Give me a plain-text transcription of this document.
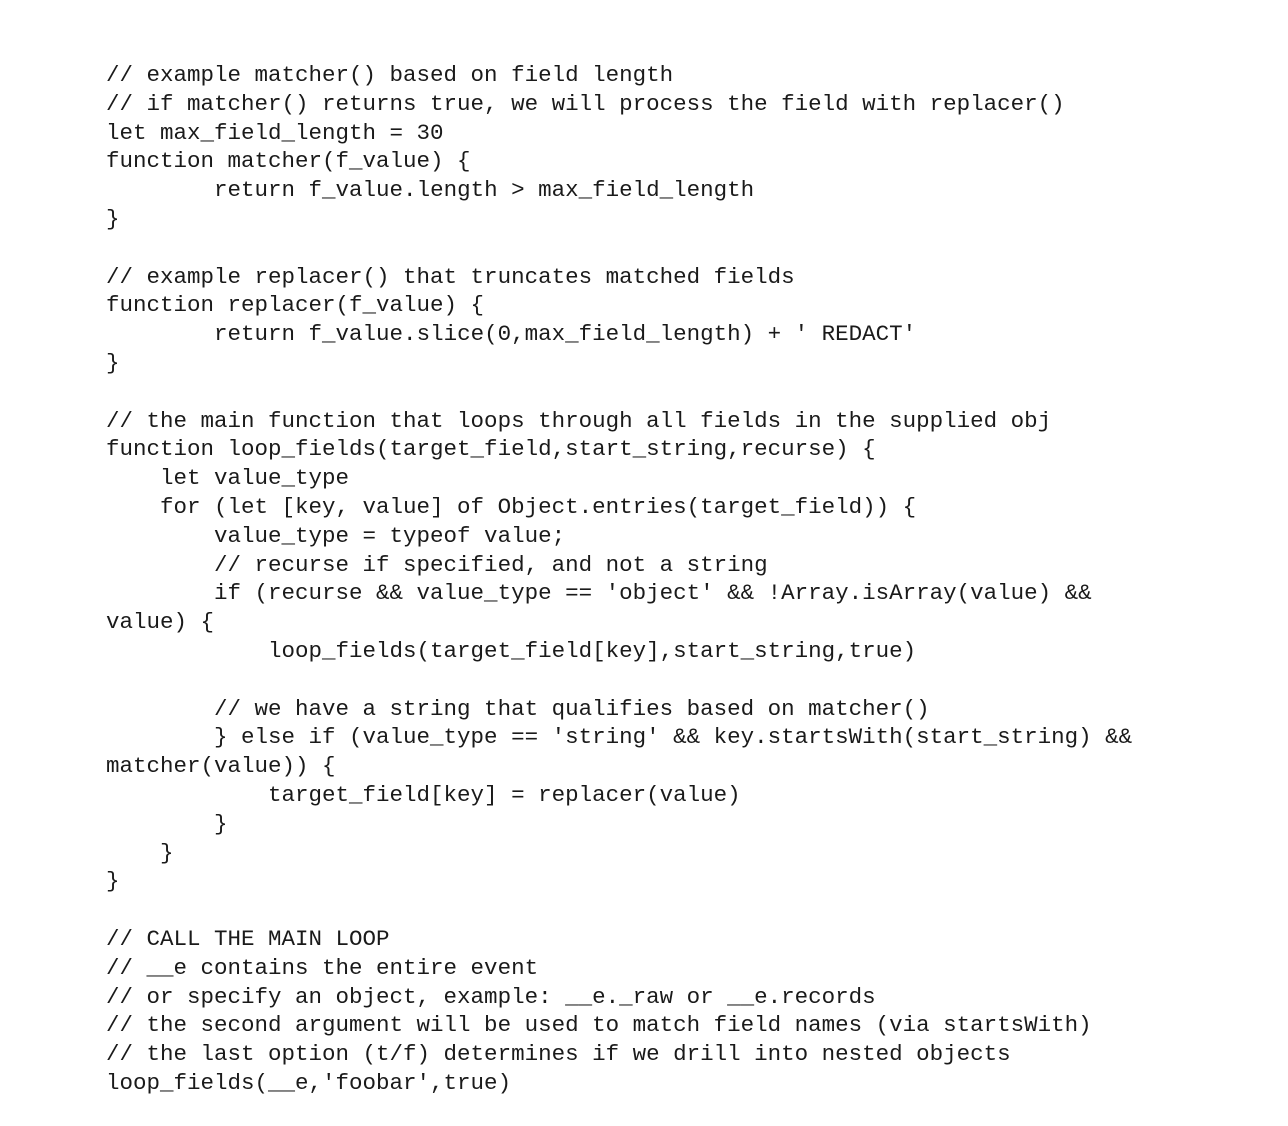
// example matcher() based on field length
// if matcher() returns true, we will process the field with replacer()
let max_field_length = 30
function matcher(f_value) {
	return f_value.length > max_field_length
}
// example replacer() that truncates matched fields
function replacer(f_value) {
	return f_value.slice(0,max_field_length) + ' REDACT'
}
// the main function that loops through all fields in the supplied obj
function loop_fields(target_field,start_string,recurse) {
let value_type
for (let [key, value] of Object.entries(target_field)) {
value_type = typeof value;
// recurse if specified, and not a string
if (recurse && value_type == 'object' && !Array.isArray(value) &&
value) {
loop_fields(target_field[key],start_string,true)
// we have a string that qualifies based on matcher()
} else if (value_type == 'string' && key.startsWith(start_string) &&
matcher(value)) {
target_field[key] = replacer(value)
}
}
}
// CALL THE MAIN LOOP
// __e contains the entire event
// or specify an object, example: __e._raw or __e.records
// the second argument will be used to match field names (via startsWith)
// the last option (t/f) determines if we drill into nested objects
loop_fields(__e,'foobar',true)
